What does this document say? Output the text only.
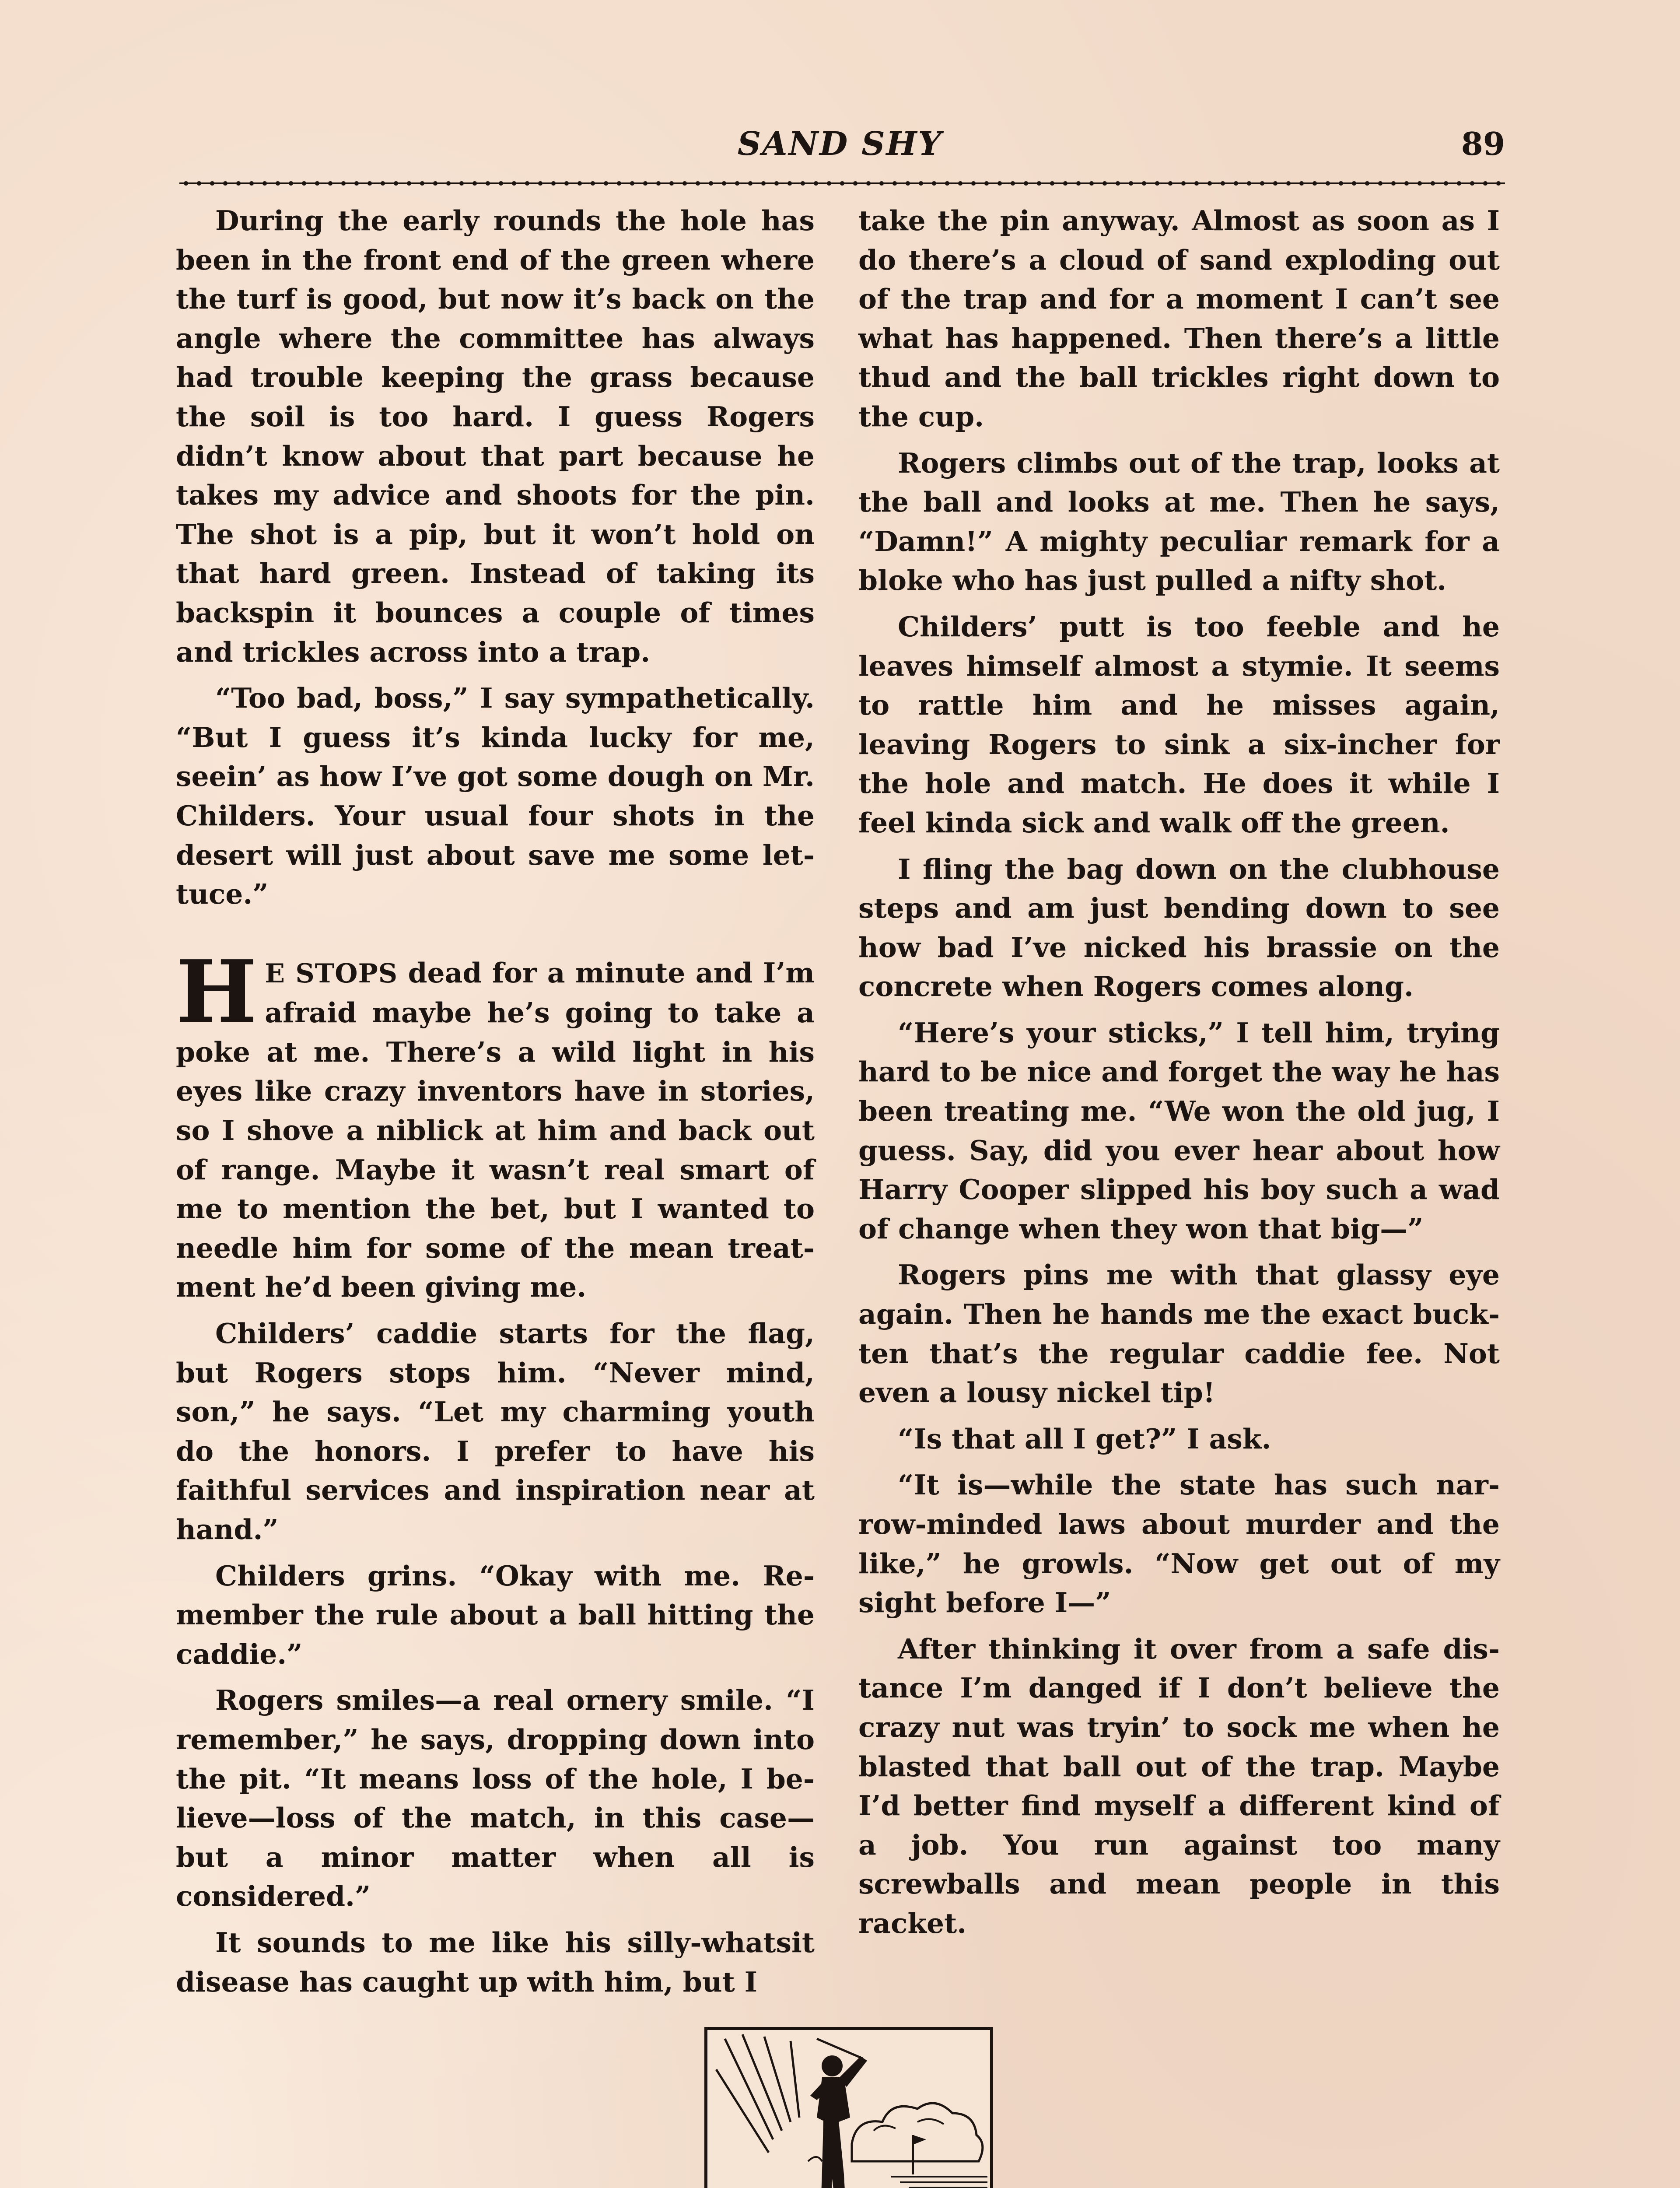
SAND SHY	89

During the early rounds the hole has been in the front end of the green where the turf is good, but now it’s back on the angle where the committee has always had trouble keeping the grass because the soil is too hard. I guess Rogers didn’t know about that part because he takes my advice and shoots for the pin. The shot is a pip, but it won’t hold on that hard green. Instead of taking its backspin it bounces a couple of times and trickles across into a trap.

“Too bad, boss,” I say sympathetically. “But I guess it’s kinda lucky for me, seein’ as how I’ve got some dough on Mr. Childers. Your usual four shots in the desert will just about save me some lettuce.”

H E STOPS dead for a minute and I’m afraid maybe he’s going to take a poke at me. There’s a wild light in his eyes like crazy inventors have in stories, so I shove a niblick at him and back out of range. Maybe it wasn’t real smart of me to mention the bet, but I wanted to needle him for some of the mean treatment he’d been giving me.

Childers’ caddie starts for the flag, but Rogers stops him. “Never mind, son,” he says. “Let my charming youth do the honors. I prefer to have his faithful services and inspiration near at hand.”

Childers grins. “Okay with me. Remember the rule about a ball hitting the caddie.”

Rogers smiles—a real ornery smile. “I remember,” he says, dropping down into the pit. “It means loss of the hole, I believe—loss of the match, in this case—but a minor matter when all is considered.”

It sounds to me like his silly-whatsit disease has caught up with him, but I

take the pin anyway. Almost as soon as I do there’s a cloud of sand exploding out of the trap and for a moment I can’t see what has happened. Then there’s a little thud and the ball trickles right down to the cup.

Rogers climbs out of the trap, looks at the ball and looks at me. Then he says, “Damn!” A mighty peculiar remark for a bloke who has just pulled a nifty shot.

Childers’ putt is too feeble and he leaves himself almost a stymie. It seems to rattle him and he misses again, leaving Rogers to sink a six-incher for the hole and match. He does it while I feel kinda sick and walk off the green.

I fling the bag down on the clubhouse steps and am just bending down to see how bad I’ve nicked his brassie on the concrete when Rogers comes along.

“Here’s your sticks,” I tell him, trying hard to be nice and forget the way he has been treating me. “We won the old jug, I guess. Say, did you ever hear about how Harry Cooper slipped his boy such a wad of change when they won that big—”

Rogers pins me with that glassy eye again. Then he hands me the exact buckten that’s the regular caddie fee. Not even a lousy nickel tip!

“Is that all I get?” I ask.

“It is—while the state has such narrow-minded laws about murder and the like,” he growls. “Now get out of my sight before I—”

After thinking it over from a safe distance I’m danged if I don’t believe the crazy nut was tryin’ to sock me when he blasted that ball out of the trap. Maybe I’d better find myself a different kind of a job. You run against too many screwballs and mean people in this racket.
